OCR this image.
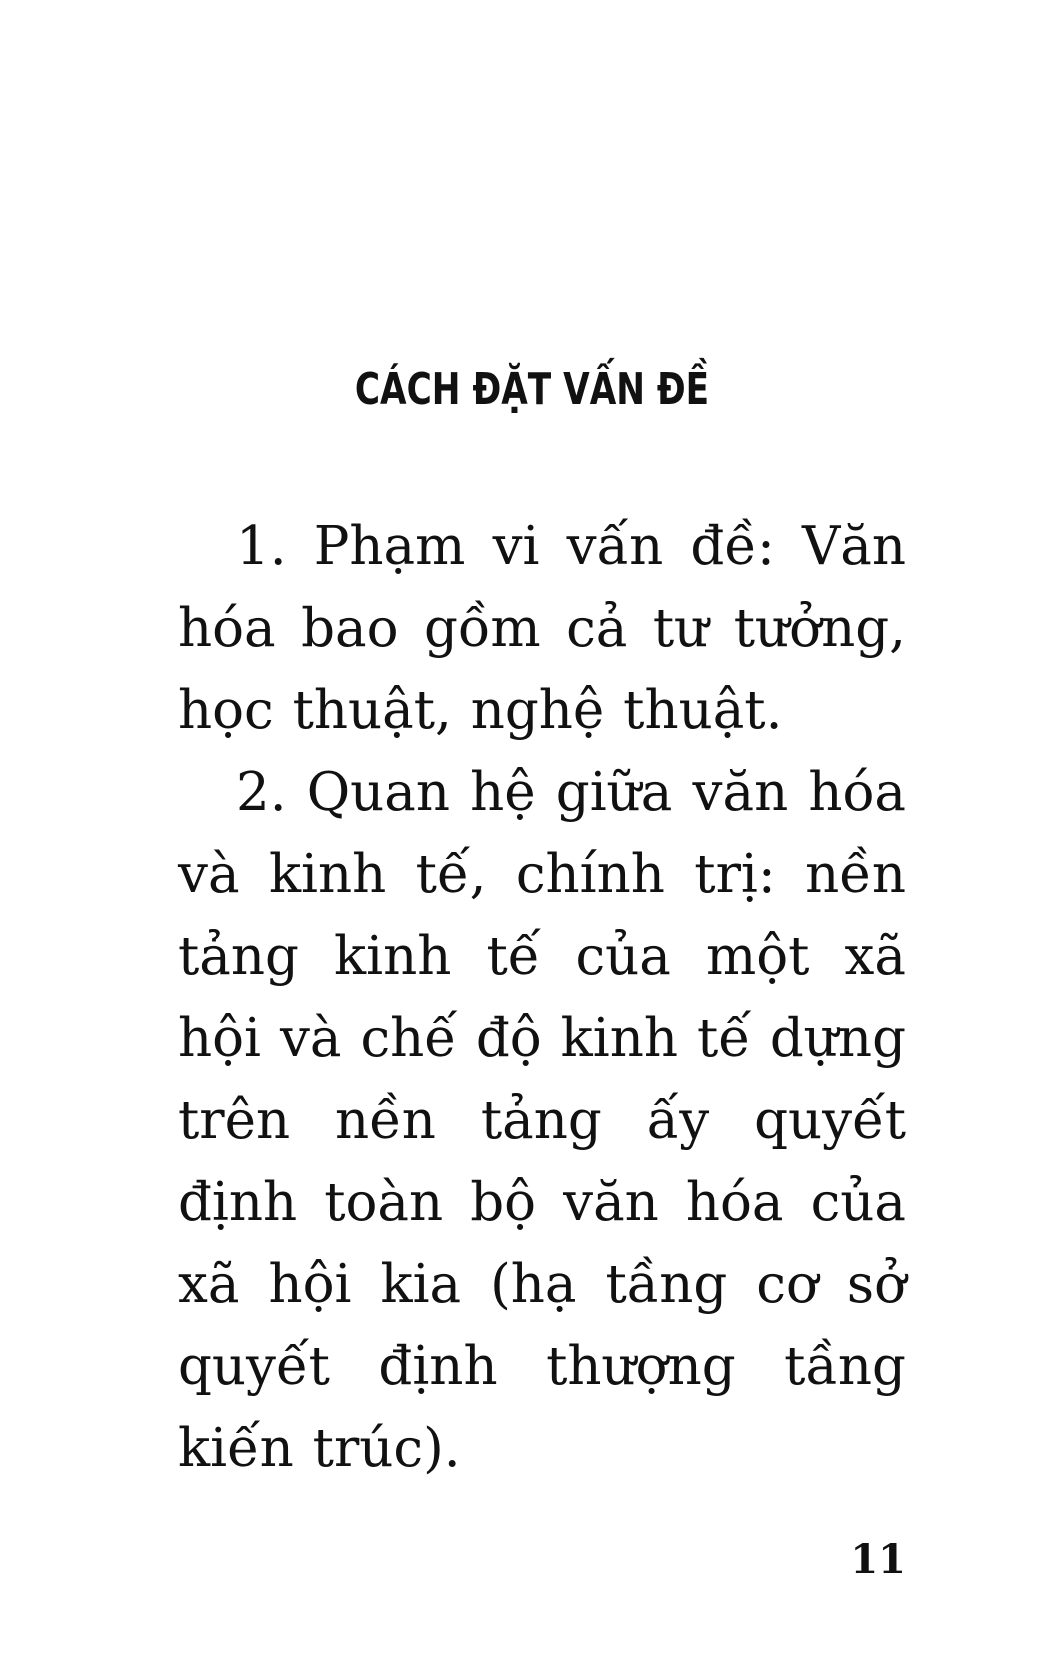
CÁCH ĐẶT VẤN ĐỀ

1. Phạm vi vấn đề: Văn hóa bao gồm cả tư tưởng, học thuật, nghệ thuật.

2. Quan hệ giữa văn hóa và kinh tế, chính trị: nền tảng kinh tế của một xã hội và chế độ kinh tế dựng trên nền tảng ấy quyết định toàn bộ văn hóa của xã hội kia (hạ tầng cơ sở quyết định thượng tầng kiến trúc).

11
